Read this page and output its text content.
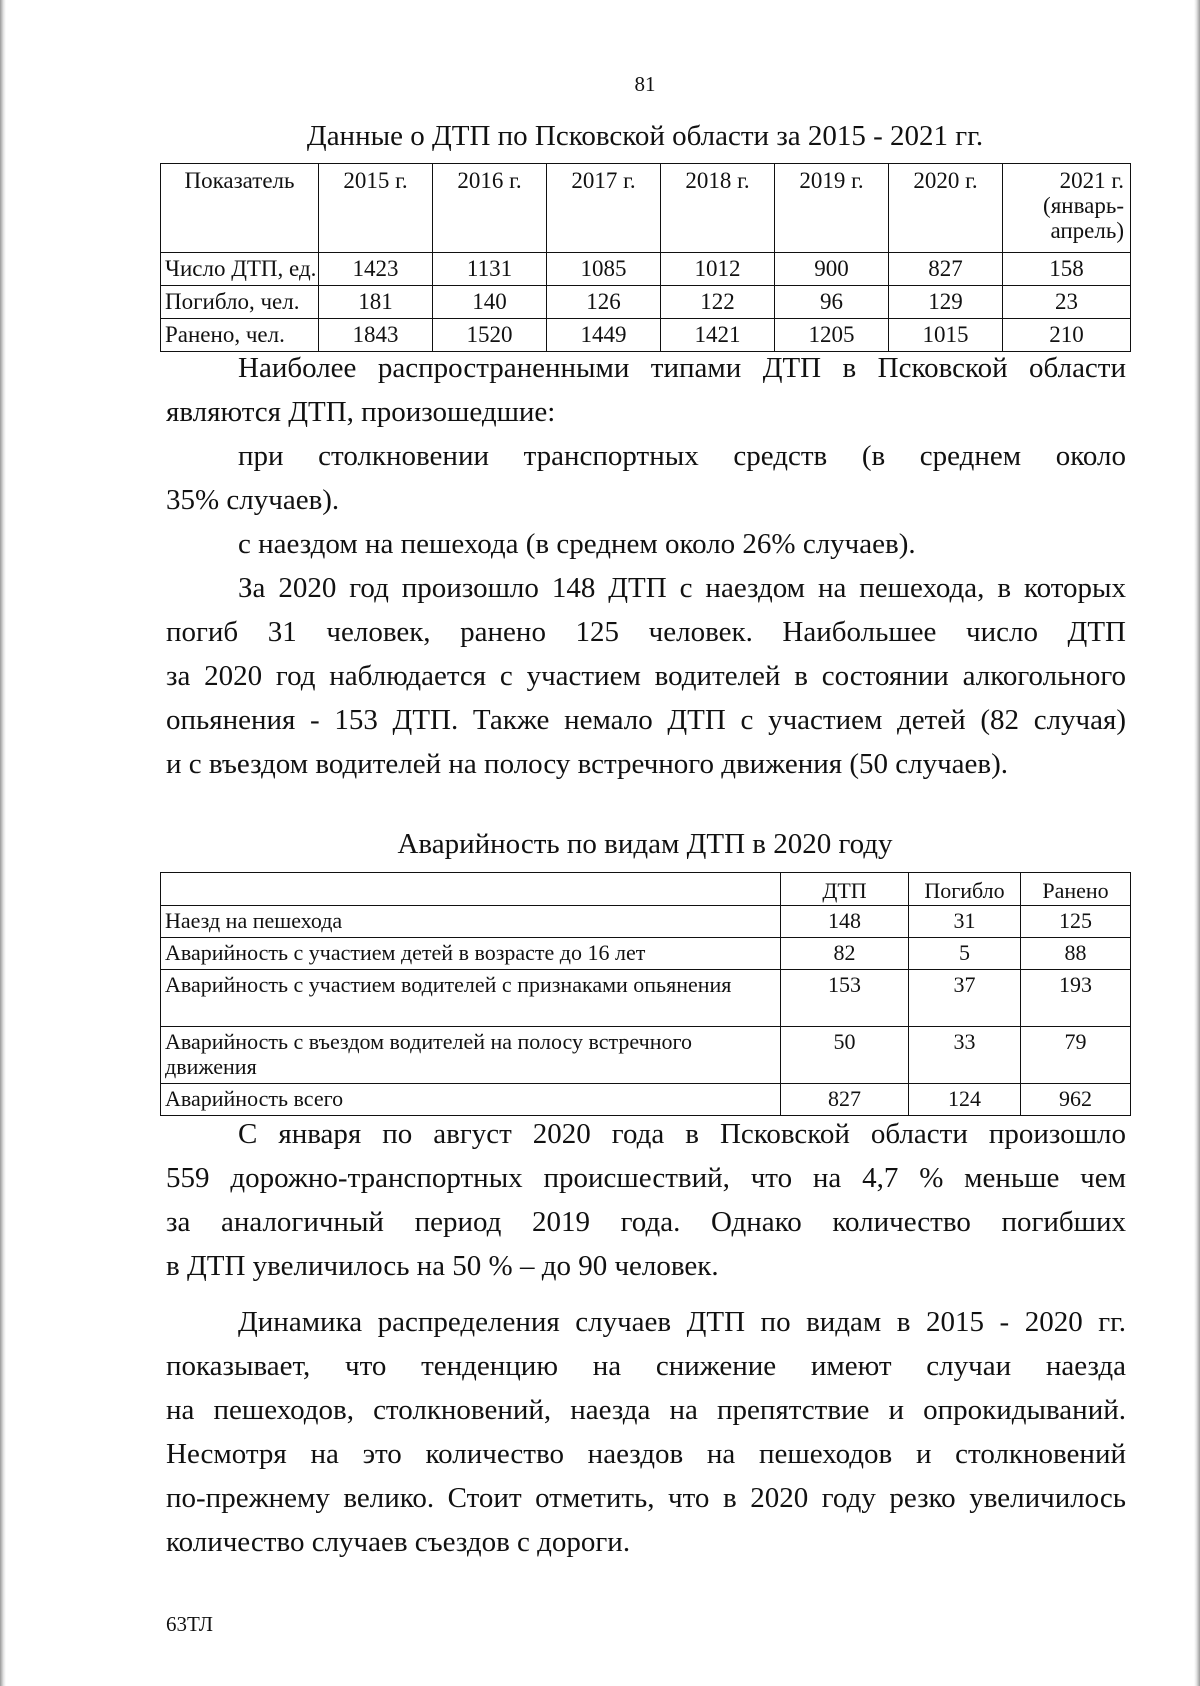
81
Данные о ДТП по Псковской области за 2015 - 2021 гг.
Показатель	2015 г.	2016 г.	2017 г.	2018 г.	2019 г.	2020 г.	2021 г.
(январь-
апрель)

Число ДТП, ед.	1423	1131	1085	1012	900	827	158
Погибло, чел.	181	140	126	122	96	129	23
Ранено, чел.	1843	1520	1449	1421	1205	1015	210

Наиболее распространенными типами ДТП в Псковской области

являются ДТП, произошедшие:

при столкновении транспортных средств (в среднем около

35% случаев).

с наездом на пешехода (в среднем около 26% случаев).

За 2020 год произошло 148 ДТП с наездом на пешехода, в которых

погиб 31 человек, ранено 125 человек. Наибольшее число ДТП

за 2020 год наблюдается с участием водителей в состоянии алкогольного

опьянения - 153 ДТП. Также немало ДТП с участием детей (82 случая)

и с въездом водителей на полосу встречного движения (50 случаев).

Аварийность по видам ДТП в 2020 году
	ДТП	Погибло	Ранено
Наезд на пешехода	148	31	125
Аварийность с участием детей в возрасте до 16 лет	82	5	88
Аварийность с участием водителей с признаками опьянения	153	37	193
Аварийность с въездом водителей на полосу встречного движения	50	33	79
Аварийность всего	827	124	962

С января по август 2020 года в Псковской области произошло

559 дорожно-транспортных происшествий, что на 4,7 % меньше чем

за аналогичный период 2019 года. Однако количество погибших

в ДТП увеличилось на 50 % – до 90 человек.

Динамика распределения случаев ДТП по видам в 2015 - 2020 гг.

показывает, что тенденцию на снижение имеют случаи наезда

на пешеходов, столкновений, наезда на препятствие и опрокидываний.

Несмотря на это количество наездов на пешеходов и столкновений

по-прежнему велико. Стоит отметить, что в 2020 году резко увеличилось

количество случаев съездов с дороги.

63ТЛ
